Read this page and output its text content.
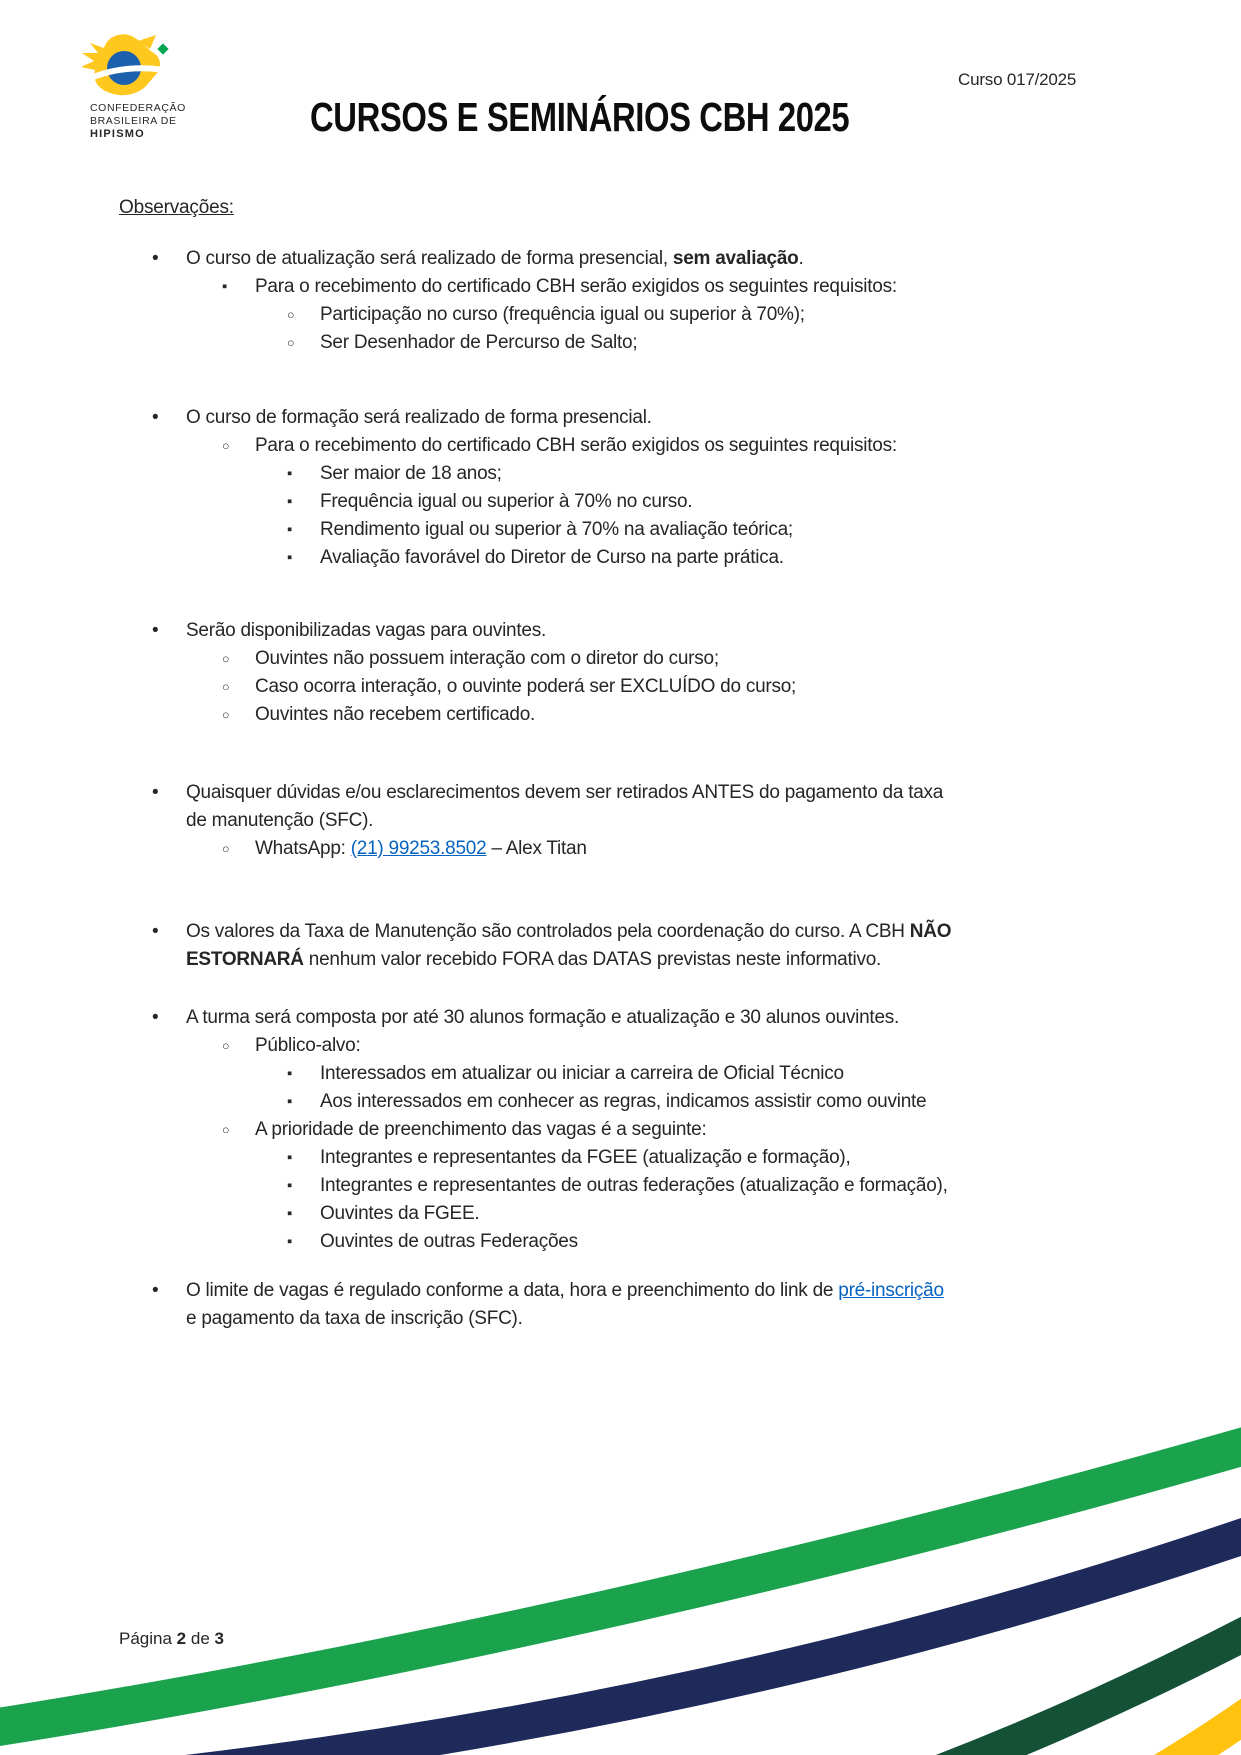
CONFEDERAÇÃO
BRASILEIRA DE
HIPISMO
Curso 017/2025
CURSOS E SEMINÁRIOS CBH 2025
Observações:
• O curso de atualização será realizado de forma presencial, sem avaliação.
▪ Para o recebimento do certificado CBH serão exigidos os seguintes requisitos:
○ Participação no curso (frequência igual ou superior à 70%);
○ Ser Desenhador de Percurso de Salto;
• O curso de formação será realizado de forma presencial.
○ Para o recebimento do certificado CBH serão exigidos os seguintes requisitos:
▪ Ser maior de 18 anos;
▪ Frequência igual ou superior à 70% no curso.
▪ Rendimento igual ou superior à 70% na avaliação teórica;
▪ Avaliação favorável do Diretor de Curso na parte prática.
• Serão disponibilizadas vagas para ouvintes.
○ Ouvintes não possuem interação com o diretor do curso;
○ Caso ocorra interação, o ouvinte poderá ser EXCLUÍDO do curso;
○ Ouvintes não recebem certificado.
• Quaisquer dúvidas e/ou esclarecimentos devem ser retirados ANTES do pagamento da taxa
de manutenção (SFC).
○ WhatsApp: (21) 99253.8502 – Alex Titan
• Os valores da Taxa de Manutenção são controlados pela coordenação do curso. A CBH NÃO
ESTORNARÁ nenhum valor recebido FORA das DATAS previstas neste informativo.
• A turma será composta por até 30 alunos formação e atualização e 30 alunos ouvintes.
○ Público-alvo:
▪ Interessados em atualizar ou iniciar a carreira de Oficial Técnico
▪ Aos interessados em conhecer as regras, indicamos assistir como ouvinte
○ A prioridade de preenchimento das vagas é a seguinte:
▪ Integrantes e representantes da FGEE (atualização e formação),
▪ Integrantes e representantes de outras federações (atualização e formação),
▪ Ouvintes da FGEE.
▪ Ouvintes de outras Federações
• O limite de vagas é regulado conforme a data, hora e preenchimento do link de pré-inscrição
e pagamento da taxa de inscrição (SFC).
Página 2 de 3
